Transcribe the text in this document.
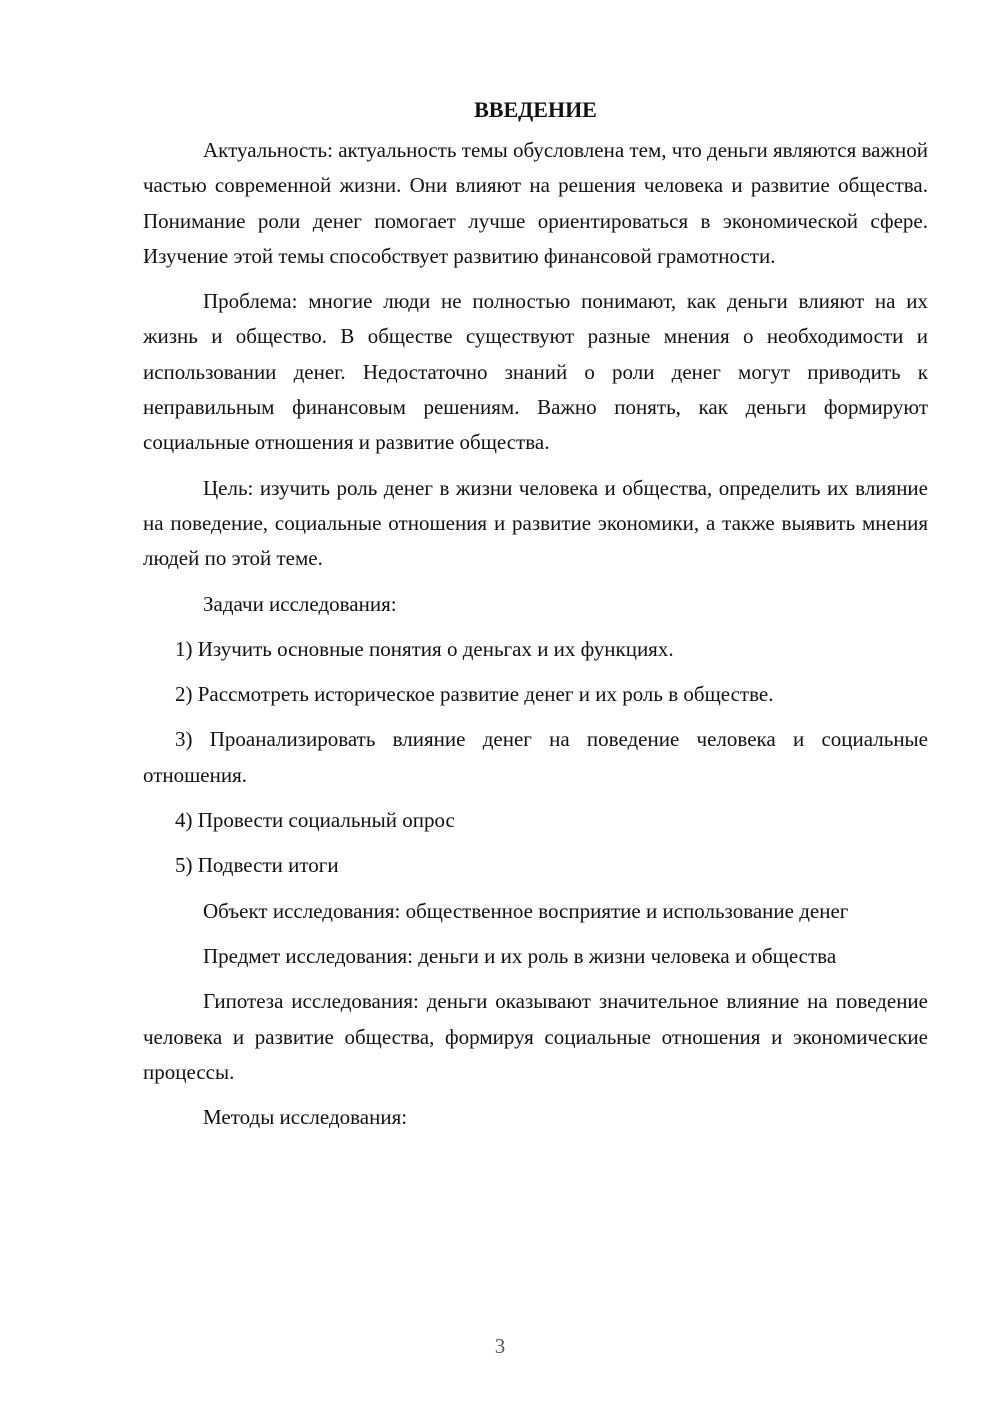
ВВЕДЕНИЕ

Актуальность: актуальность темы обусловлена тем, что деньги являются важной частью современной жизни. Они влияют на решения человека и развитие общества. Понимание роли денег помогает лучше ориентироваться в экономической сфере. Изучение этой темы способствует развитию финансовой грамотности.

Проблема: многие люди не полностью понимают, как деньги влияют на их жизнь и общество. В обществе существуют разные мнения о необходимости и использовании денег. Недостаточно знаний о роли денег могут приводить к неправильным финансовым решениям. Важно понять, как деньги формируют социальные отношения и развитие общества.

Цель: изучить роль денег в жизни человека и общества, определить их влияние на поведение, социальные отношения и развитие экономики, а также выявить мнения людей по этой теме.

Задачи исследования:

1) Изучить основные понятия о деньгах и их функциях.

2) Рассмотреть историческое развитие денег и их роль в обществе.

3) Проанализировать влияние денег на поведение человека и социальные отношения.

4) Провести социальный опрос

5) Подвести итоги

Объект исследования: общественное восприятие и использование денег

Предмет исследования: деньги и их роль в жизни человека и общества

Гипотеза исследования: деньги оказывают значительное влияние на поведение человека и развитие общества, формируя социальные отношения и экономические процессы.

Методы исследования:

3
